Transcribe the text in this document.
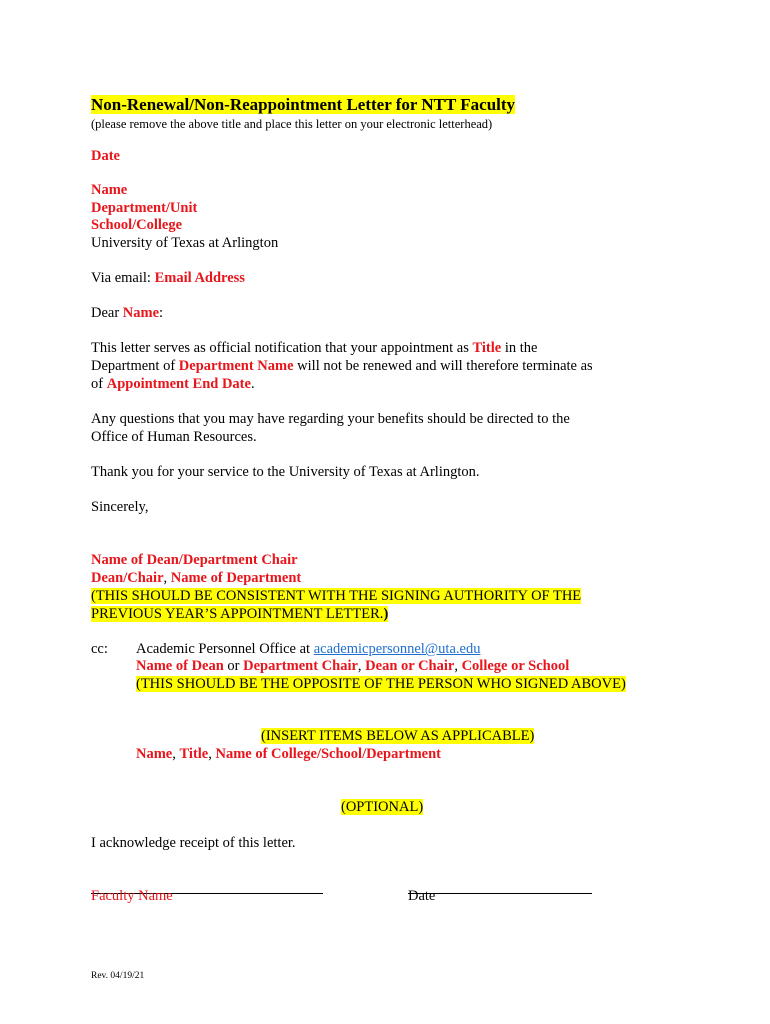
Non-Renewal/Non-Reappointment Letter for NTT Faculty
(please remove the above title and place this letter on your electronic letterhead)
Date
Name
Department/Unit
School/College
University of Texas at Arlington
Via email: Email Address
Dear Name:
This letter serves as official notification that your appointment as Title in the
Department of Department Name will not be renewed and will therefore terminate as
of Appointment End Date.
Any questions that you may have regarding your benefits should be directed to the
Office of Human Resources.
Thank you for your service to the University of Texas at Arlington.
Sincerely,
Name of Dean/Department Chair
Dean/Chair, Name of Department
(THIS SHOULD BE CONSISTENT WITH THE SIGNING AUTHORITY OF THE
PREVIOUS YEAR’S APPOINTMENT LETTER.)
cc: Academic Personnel Office at academicpersonnel@uta.edu
Name of Dean or Department Chair, Dean or Chair, College or School
(THIS SHOULD BE THE OPPOSITE OF THE PERSON WHO SIGNED ABOVE)
(INSERT ITEMS BELOW AS APPLICABLE)
Name, Title, Name of College/School/Department
(OPTIONAL)
I acknowledge receipt of this letter.
Faculty Name	Date
Rev. 04/19/21
